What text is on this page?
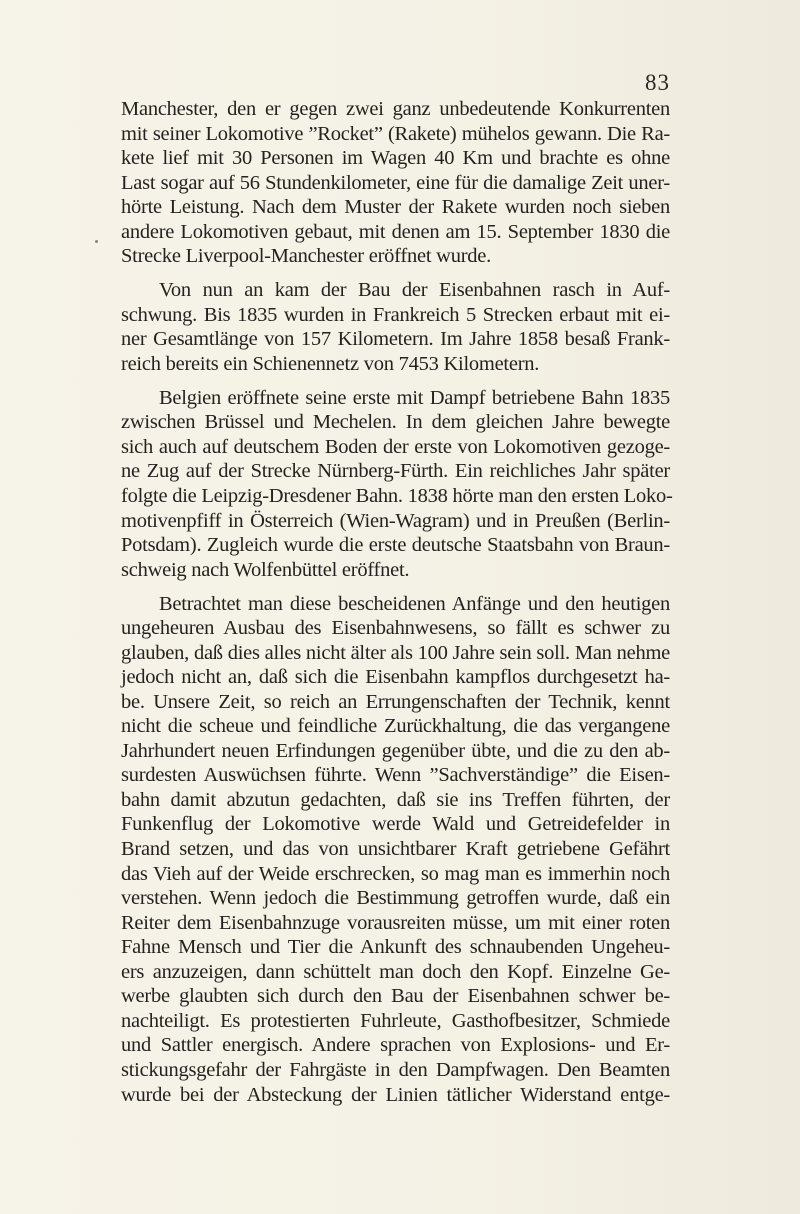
83
Manchester, den er gegen zwei ganz unbedeutende Konkurrenten
mit seiner Lokomotive ”Rocket” (Rakete) mühelos gewann. Die Ra-
kete lief mit 30 Personen im Wagen 40 Km und brachte es ohne
Last sogar auf 56 Stundenkilometer, eine für die damalige Zeit uner-
hörte Leistung. Nach dem Muster der Rakete wurden noch sieben
andere Lokomotiven gebaut, mit denen am 15. September 1830 die
Strecke Liverpool-Manchester eröffnet wurde.
Von nun an kam der Bau der Eisenbahnen rasch in Auf-
schwung. Bis 1835 wurden in Frankreich 5 Strecken erbaut mit ei-
ner Gesamtlänge von 157 Kilometern. Im Jahre 1858 besaß Frank-
reich bereits ein Schienennetz von 7453 Kilometern.
Belgien eröffnete seine erste mit Dampf betriebene Bahn 1835
zwischen Brüssel und Mechelen. In dem gleichen Jahre bewegte
sich auch auf deutschem Boden der erste von Lokomotiven gezoge-
ne Zug auf der Strecke Nürnberg-Fürth. Ein reichliches Jahr später
folgte die Leipzig-Dresdener Bahn. 1838 hörte man den ersten Loko-
motivenpfiff in Österreich (Wien-Wagram) und in Preußen (Berlin-
Potsdam). Zugleich wurde die erste deutsche Staatsbahn von Braun-
schweig nach Wolfenbüttel eröffnet.
Betrachtet man diese bescheidenen Anfänge und den heutigen
ungeheuren Ausbau des Eisenbahnwesens, so fällt es schwer zu
glauben, daß dies alles nicht älter als 100 Jahre sein soll. Man nehme
jedoch nicht an, daß sich die Eisenbahn kampflos durchgesetzt ha-
be. Unsere Zeit, so reich an Errungenschaften der Technik, kennt
nicht die scheue und feindliche Zurückhaltung, die das vergangene
Jahrhundert neuen Erfindungen gegenüber übte, und die zu den ab-
surdesten Auswüchsen führte. Wenn ”Sachverständige” die Eisen-
bahn damit abzutun gedachten, daß sie ins Treffen führten, der
Funkenflug der Lokomotive werde Wald und Getreidefelder in
Brand setzen, und das von unsichtbarer Kraft getriebene Gefährt
das Vieh auf der Weide erschrecken, so mag man es immerhin noch
verstehen. Wenn jedoch die Bestimmung getroffen wurde, daß ein
Reiter dem Eisenbahnzuge vorausreiten müsse, um mit einer roten
Fahne Mensch und Tier die Ankunft des schnaubenden Ungeheu-
ers anzuzeigen, dann schüttelt man doch den Kopf. Einzelne Ge-
werbe glaubten sich durch den Bau der Eisenbahnen schwer be-
nachteiligt. Es protestierten Fuhrleute, Gasthofbesitzer, Schmiede
und Sattler energisch. Andere sprachen von Explosions- und Er-
stickungsgefahr der Fahrgäste in den Dampfwagen. Den Beamten
wurde bei der Absteckung der Linien tätlicher Widerstand entge-
